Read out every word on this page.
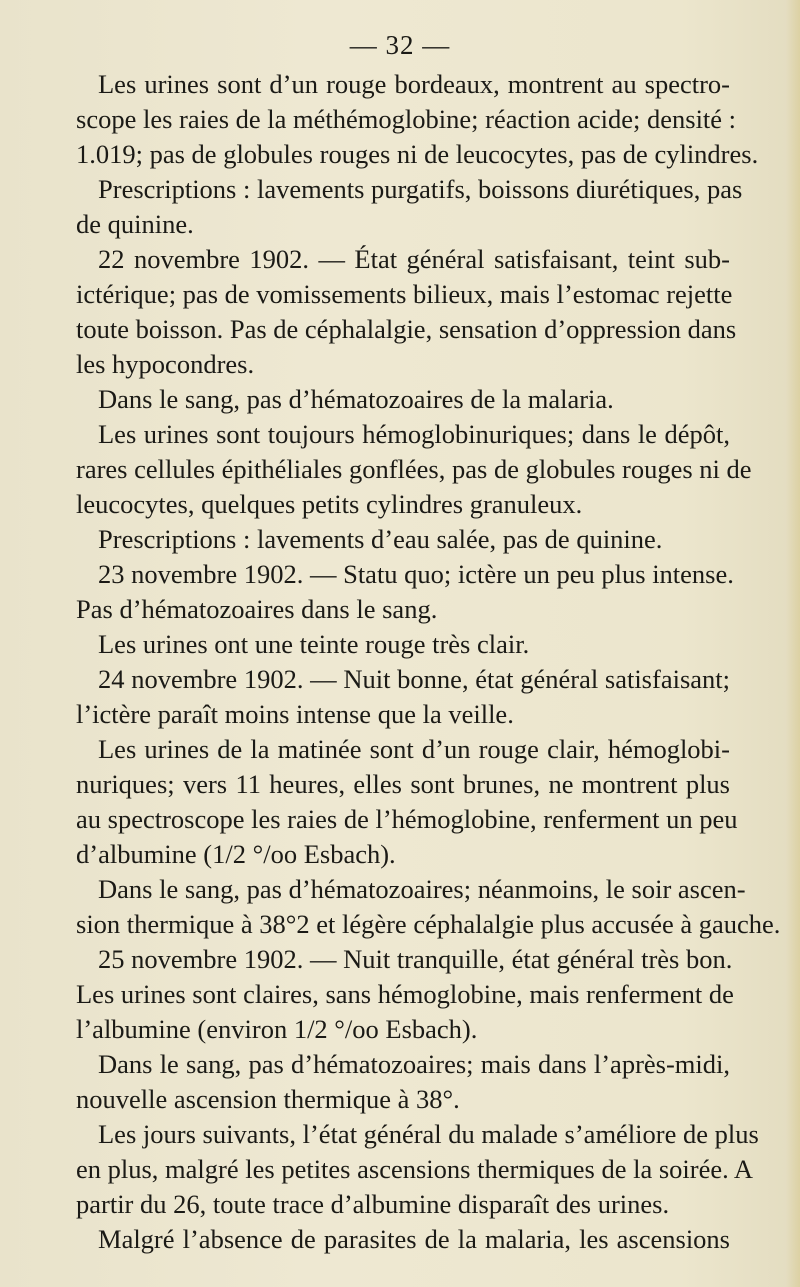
— 32 —
Les urines sont d’un rouge bordeaux, montrent au spectro-
scope les raies de la méthémoglobine; réaction acide; densité :
1.019; pas de globules rouges ni de leucocytes, pas de cylindres.
Prescriptions : lavements purgatifs, boissons diurétiques, pas
de quinine.
22 novembre 1902. — État général satisfaisant, teint sub-
ictérique; pas de vomissements bilieux, mais l’estomac rejette
toute boisson. Pas de céphalalgie, sensation d’oppression dans
les hypocondres.
Dans le sang, pas d’hématozoaires de la malaria.
Les urines sont toujours hémoglobinuriques; dans le dépôt,
rares cellules épithéliales gonflées, pas de globules rouges ni de
leucocytes, quelques petits cylindres granuleux.
Prescriptions : lavements d’eau salée, pas de quinine.
23 novembre 1902. — Statu quo; ictère un peu plus intense.
Pas d’hématozoaires dans le sang.
Les urines ont une teinte rouge très clair.
24 novembre 1902. — Nuit bonne, état général satisfaisant;
l’ictère paraît moins intense que la veille.
Les urines de la matinée sont d’un rouge clair, hémoglobi-
nuriques; vers 11 heures, elles sont brunes, ne montrent plus
au spectroscope les raies de l’hémoglobine, renferment un peu
d’albumine (1/2 °/oo Esbach).
Dans le sang, pas d’hématozoaires; néanmoins, le soir ascen-
sion thermique à 38°2 et légère céphalalgie plus accusée à gauche.
25 novembre 1902. — Nuit tranquille, état général très bon.
Les urines sont claires, sans hémoglobine, mais renferment de
l’albumine (environ 1/2 °/oo Esbach).
Dans le sang, pas d’hématozoaires; mais dans l’après-midi,
nouvelle ascension thermique à 38°.
Les jours suivants, l’état général du malade s’améliore de plus
en plus, malgré les petites ascensions thermiques de la soirée. A
partir du 26, toute trace d’albumine disparaît des urines.
Malgré l’absence de parasites de la malaria, les ascensions
